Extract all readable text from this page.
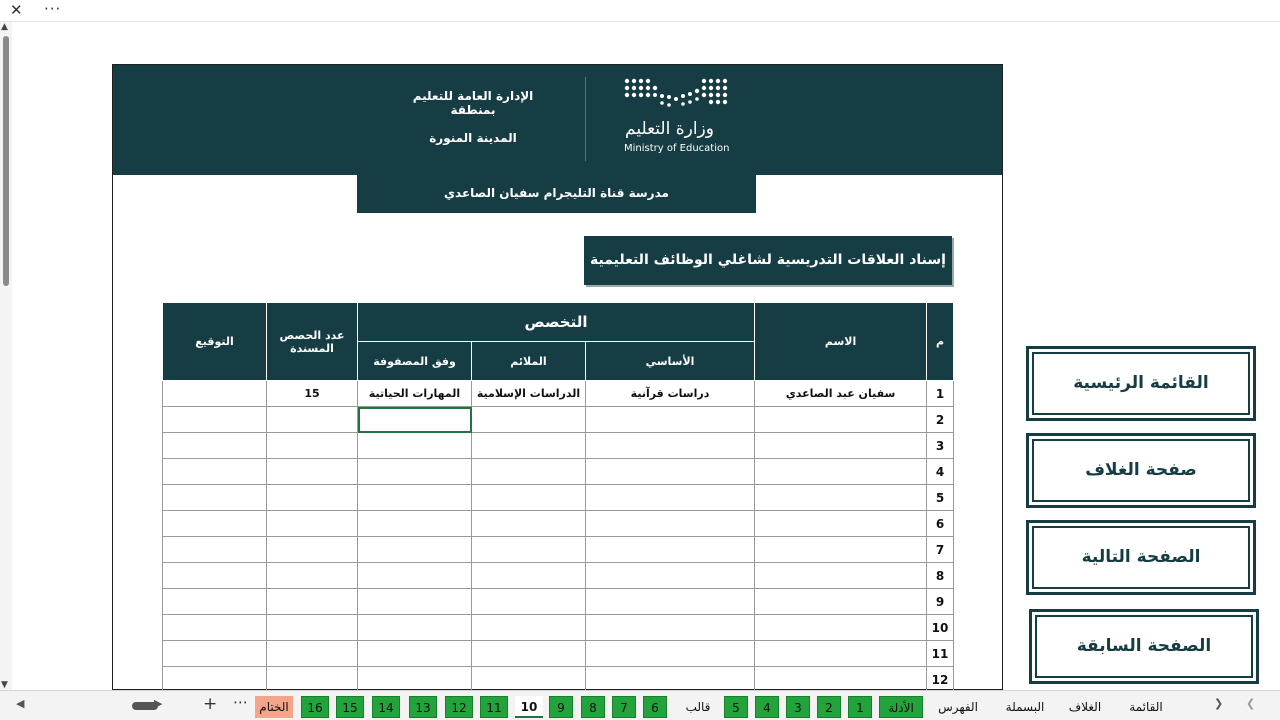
✕ ···
▲
▼
وزارة التعليم
Ministry of Education
الإدارة العامة للتعليم بمنطقة
المدينة المنورة
مدرسة قناة التليجرام سفيان الصاعدي
إسناد العلاقات التدريسية لشاغلي الوظائف التعليمية
التوقيع	عدد الحصص المسندة	التخصص			الاسم	م
		وفق المصفوفة	الملائم	الأساسي		
	15	المهارات الحياتية	الدراسات الإسلامية	دراسات قرآنية	سفيان عبد الصاعدي	1
						2
						3
						4
						5
						6
						7
						8
						9
						10
						11
						12
القائمة الرئيسية
صفحة الغلاف
الصفحة التالية
الصفحة السابقة
◀	▶ + ⋯ الختام	16	15	14	13	12	11	10	9	8	7	6	قالب	5	4	3	2	1	الأدلة	الفهرس	البسملة	الغلاف	القائمة	❯ ❮
